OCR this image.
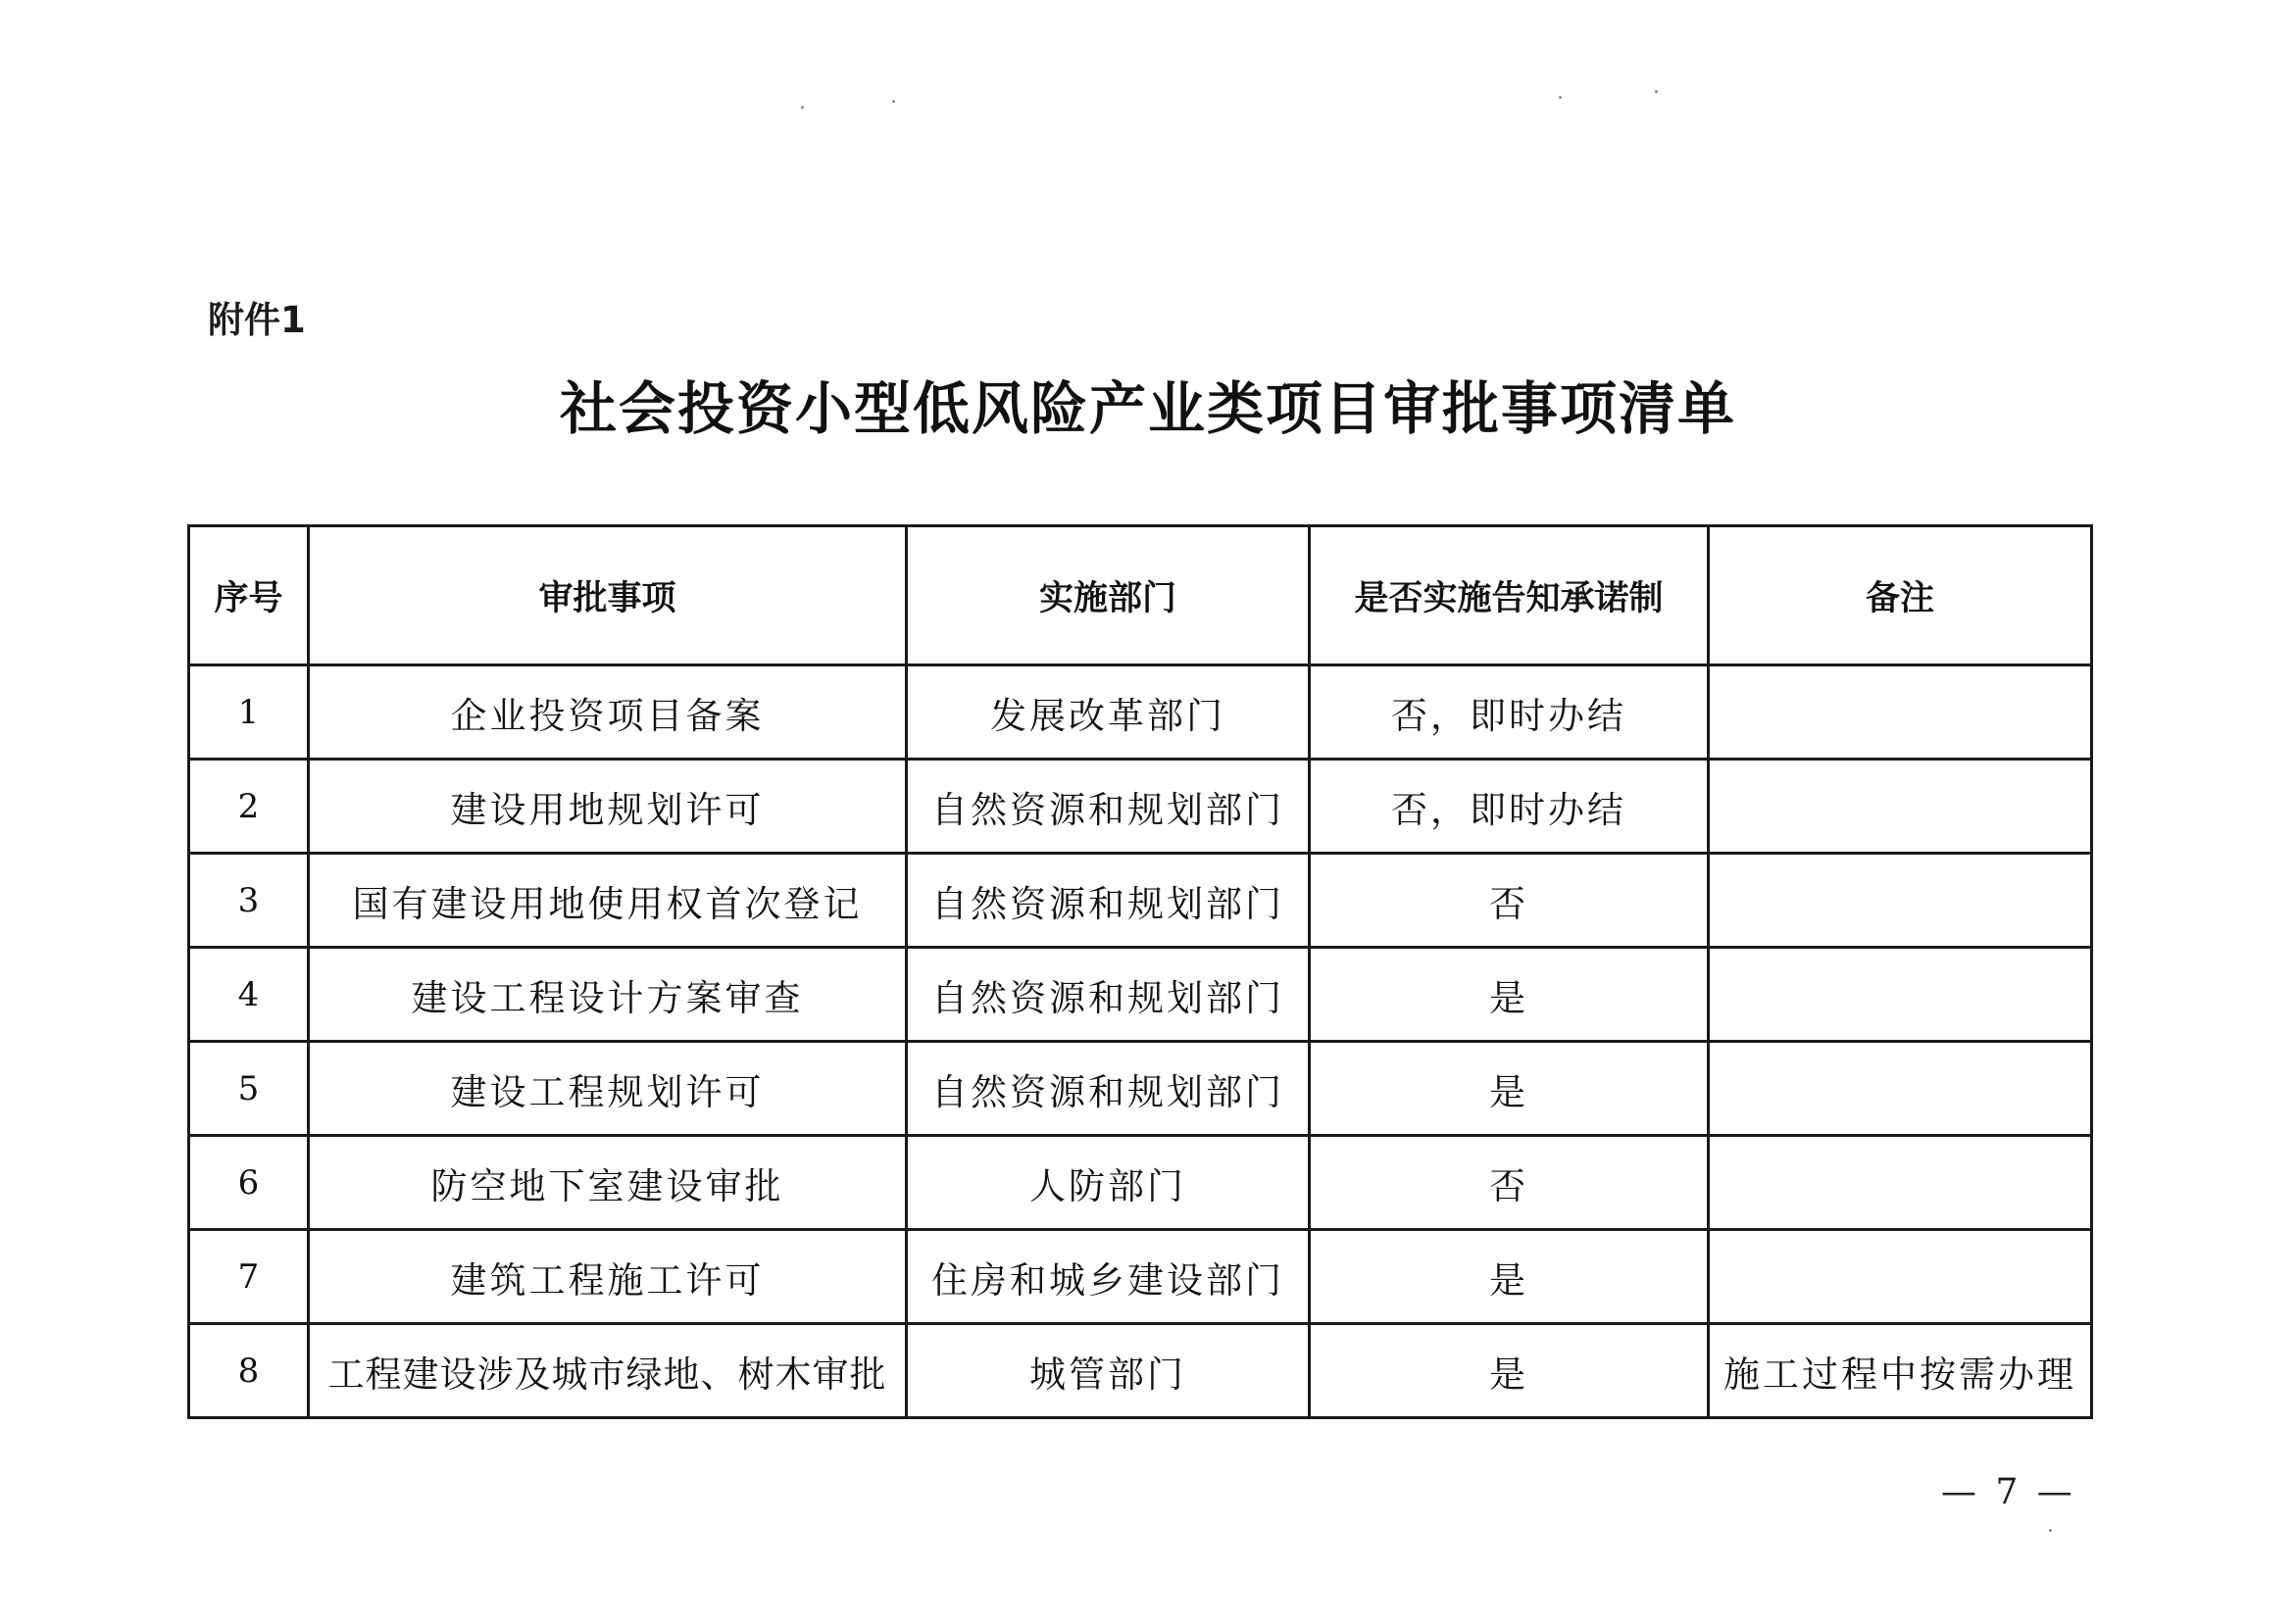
附件1
社会投资小型低风险产业类项目审批事项清单
序号	审批事项	实施部门	是否实施告知承诺制	备注
1	企业投资项目备案	发展改革部门	否，即时办结	
2	建设用地规划许可	自然资源和规划部门	否，即时办结	
3	国有建设用地使用权首次登记	自然资源和规划部门	否	
4	建设工程设计方案审查	自然资源和规划部门	是	
5	建设工程规划许可	自然资源和规划部门	是	
6	防空地下室建设审批	人防部门	否	
7	建筑工程施工许可	住房和城乡建设部门	是	
8	工程建设涉及城市绿地、树木审批	城管部门	是	施工过程中按需办理
— 7 —
